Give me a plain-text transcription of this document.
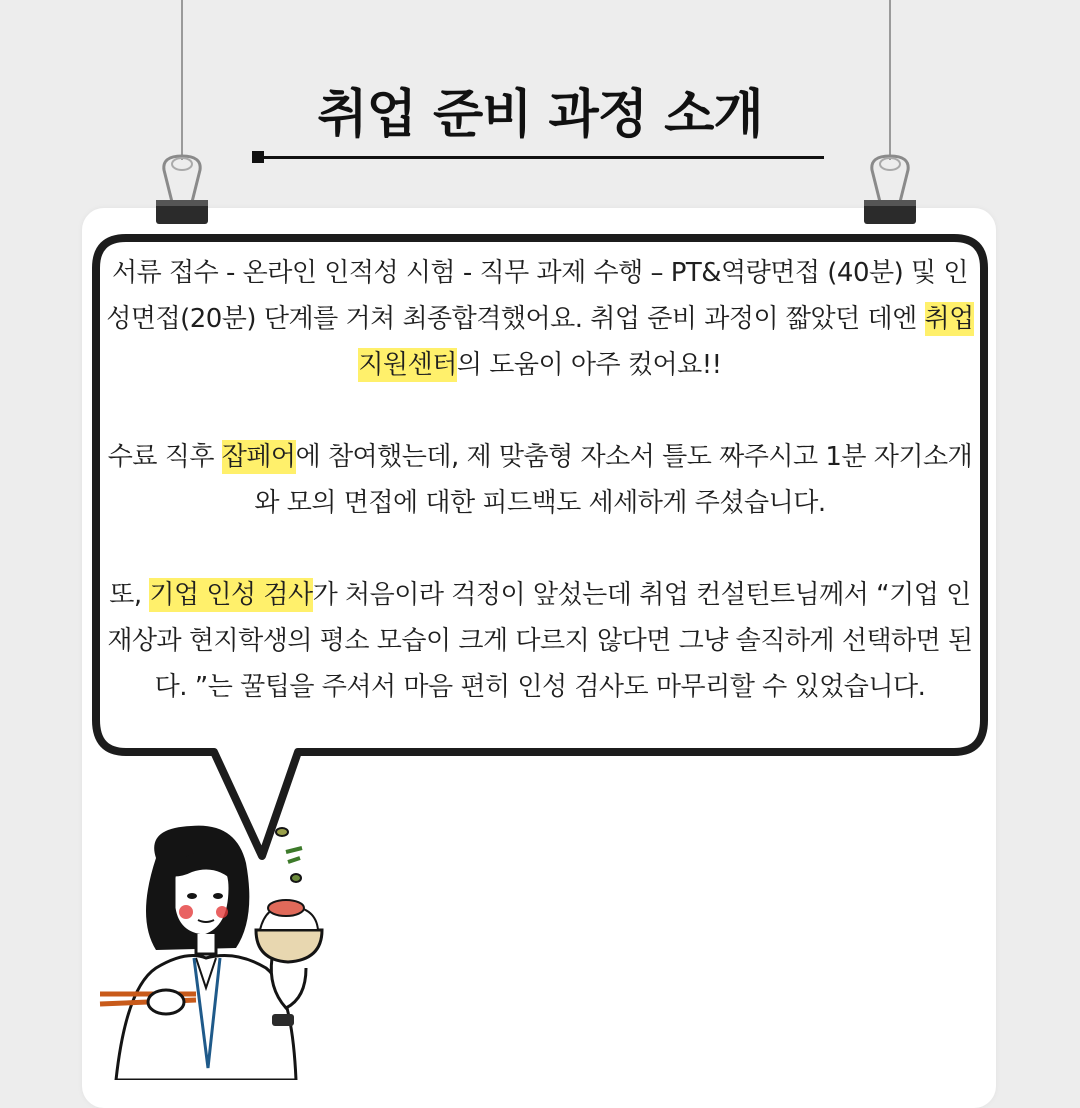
취업 준비 과정 소개

서류 접수 - 온라인 인적성 시험 - 직무 과제 수행 – PT&역량면접 (40분) 및 인성면접(20분) 단계를 거쳐 최종합격했어요. 취업 준비 과정이 짧았던 데엔 취업지원센터의 도움이 아주 컸어요!!

수료 직후 잡페어에 참여했는데, 제 맞춤형 자소서 틀도 짜주시고 1분 자기소개와 모의 면접에 대한 피드백도 세세하게 주셨습니다.

또, 기업 인성 검사가 처음이라 걱정이 앞섰는데 취업 컨설턴트님께서 “기업 인재상과 현지학생의 평소 모습이 크게 다르지 않다면 그냥 솔직하게 선택하면 된다. ”는 꿀팁을 주셔서 마음 편히 인성 검사도 마무리할 수 있었습니다.
